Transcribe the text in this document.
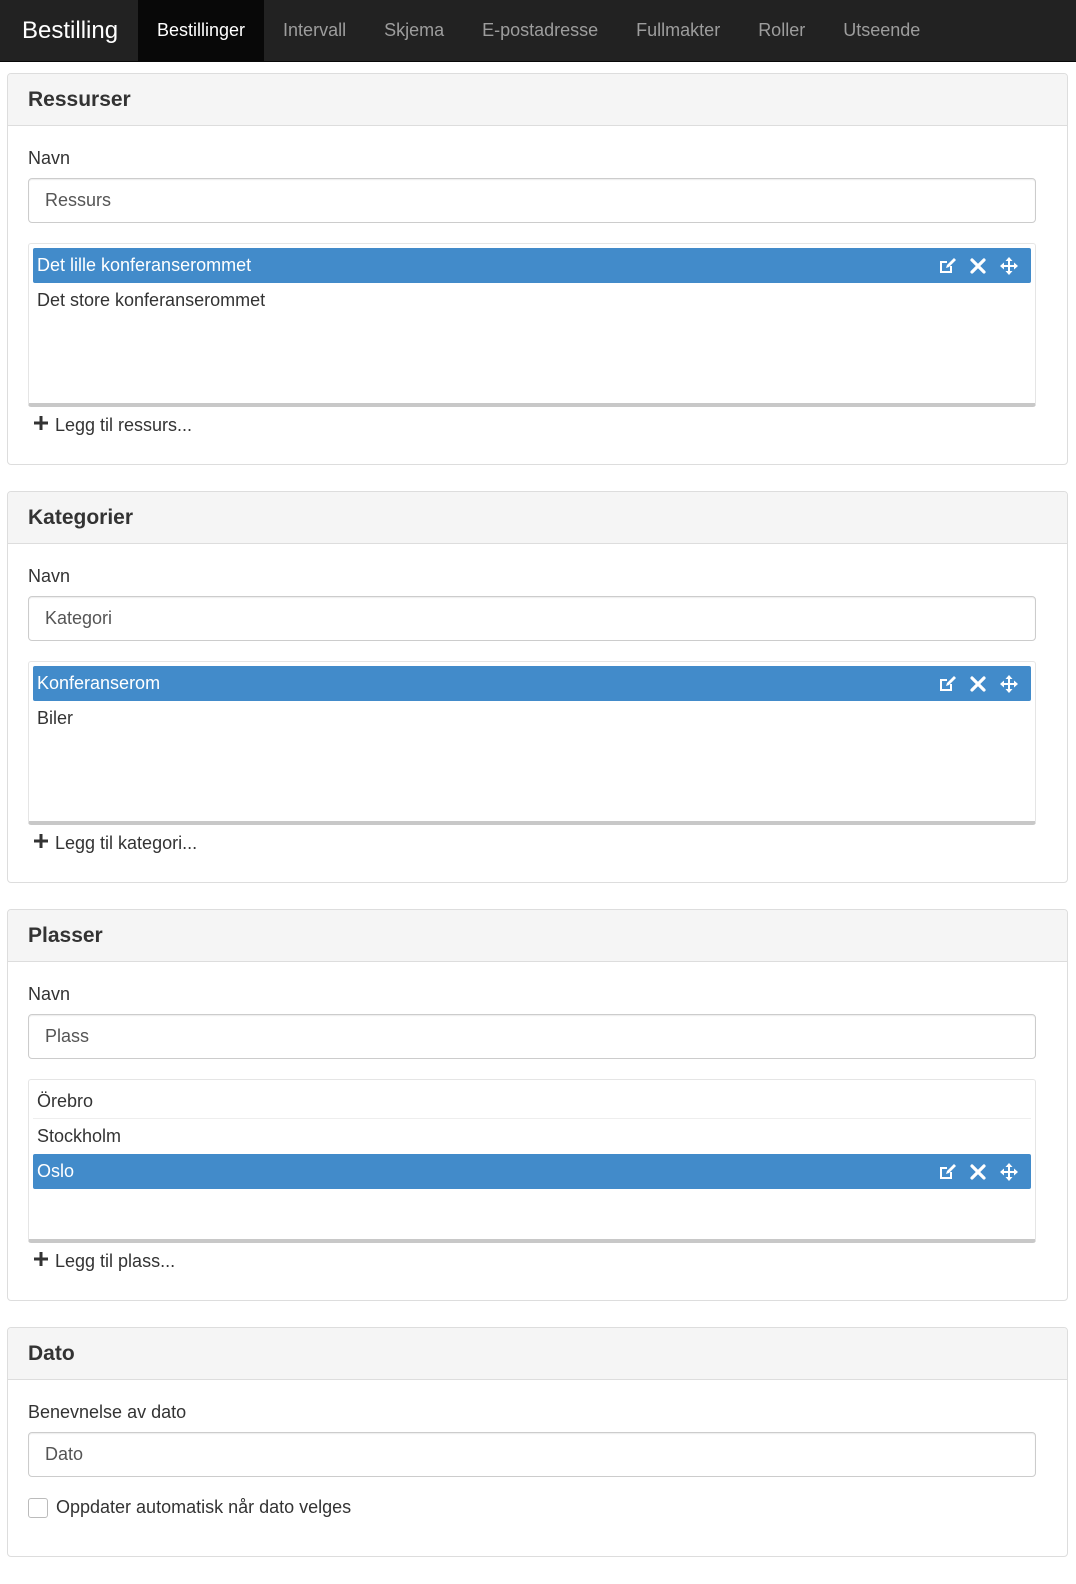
Bestilling	Bestillinger	Intervall	Skjema	E-postadresse	Fullmakter	Roller	Utseende
Ressurser
Navn
Ressurs
Det lille konferanserommet
Det store konferanserommet
Legg til ressurs...
Kategorier
Navn
Kategori
Konferanserom
Biler
Legg til kategori...
Plasser
Navn
Plass
Örebro
Stockholm
Oslo
Legg til plass...
Dato
Benevnelse av dato
Dato
Oppdater automatisk når dato velges
